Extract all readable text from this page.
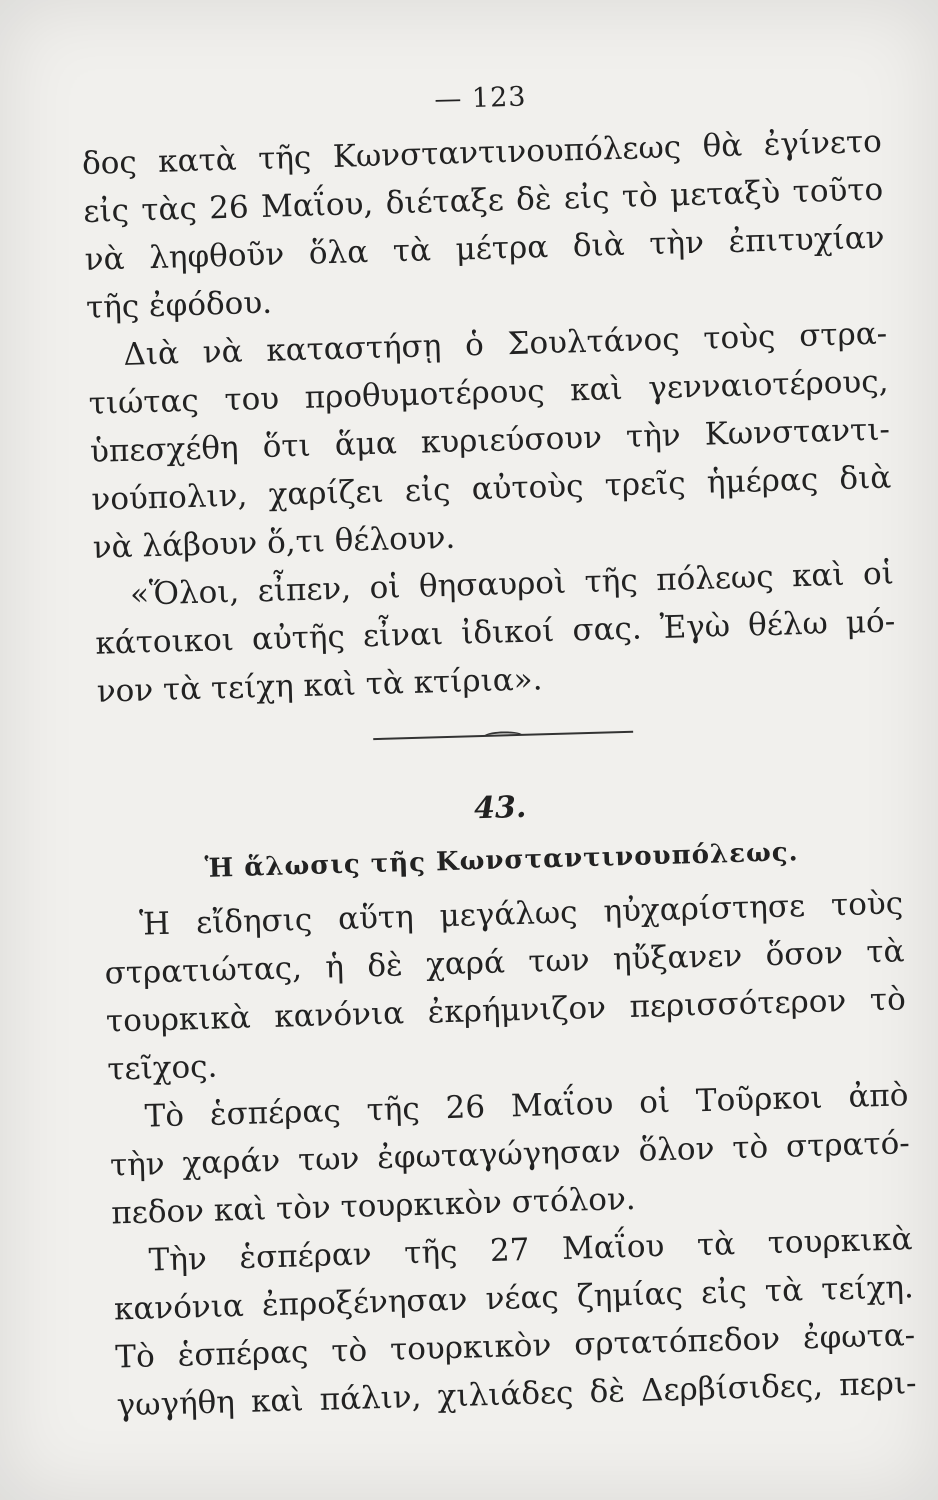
— 123
δος κατὰ τῆς Κωνσταντινουπόλεως θὰ ἐγίνετο
εἰς τὰς 26 Μαΐου, διέταξε δὲ εἰς τὸ μεταξὺ τοῦτο
νὰ ληφθοῦν ὅλα τὰ μέτρα διὰ τὴν ἐπιτυχίαν
τῆς ἐφόδου.
Διὰ νὰ καταστήσῃ ὁ Σουλτάνος τοὺς στρα-
τιώτας του προθυμοτέρους καὶ γενναιοτέρους,
ὑπεσχέθη ὅτι ἅμα κυριεύσουν τὴν Κωνσταντι-
νούπολιν, χαρίζει εἰς αὐτοὺς τρεῖς ἡμέρας διὰ
νὰ λάβουν ὅ,τι θέλουν.
«Ὅλοι, εἶπεν, οἱ θησαυροὶ τῆς πόλεως καὶ οἱ
κάτοικοι αὐτῆς εἶναι ἰδικοί σας. Ἐγὼ θέλω μό-
νον τὰ τείχη καὶ τὰ κτίρια».
43.
Ἡ ἅλωσις τῆς Κωνσταντινουπόλεως.
Ἡ εἴδησις αὕτη μεγάλως ηὐχαρίστησε τοὺς
στρατιώτας, ἡ δὲ χαρά των ηὔξανεν ὅσον τὰ
τουρκικὰ κανόνια ἐκρήμνιζον περισσότερον τὸ
τεῖχος.
Τὸ ἑσπέρας τῆς 26 Μαΐου οἱ Τοῦρκοι ἀπὸ
τὴν χαράν των ἐφωταγώγησαν ὅλον τὸ στρατό-
πεδον καὶ τὸν τουρκικὸν στόλον.
Τὴν ἑσπέραν τῆς 27 Μαΐου τὰ τουρκικὰ
κανόνια ἐπροξένησαν νέας ζημίας εἰς τὰ τείχη.
Τὸ ἑσπέρας τὸ τουρκικὸν σρτατόπεδον ἐφωτα-
γωγήθη καὶ πάλιν, χιλιάδες δὲ Δερβίσιδες, περι-
